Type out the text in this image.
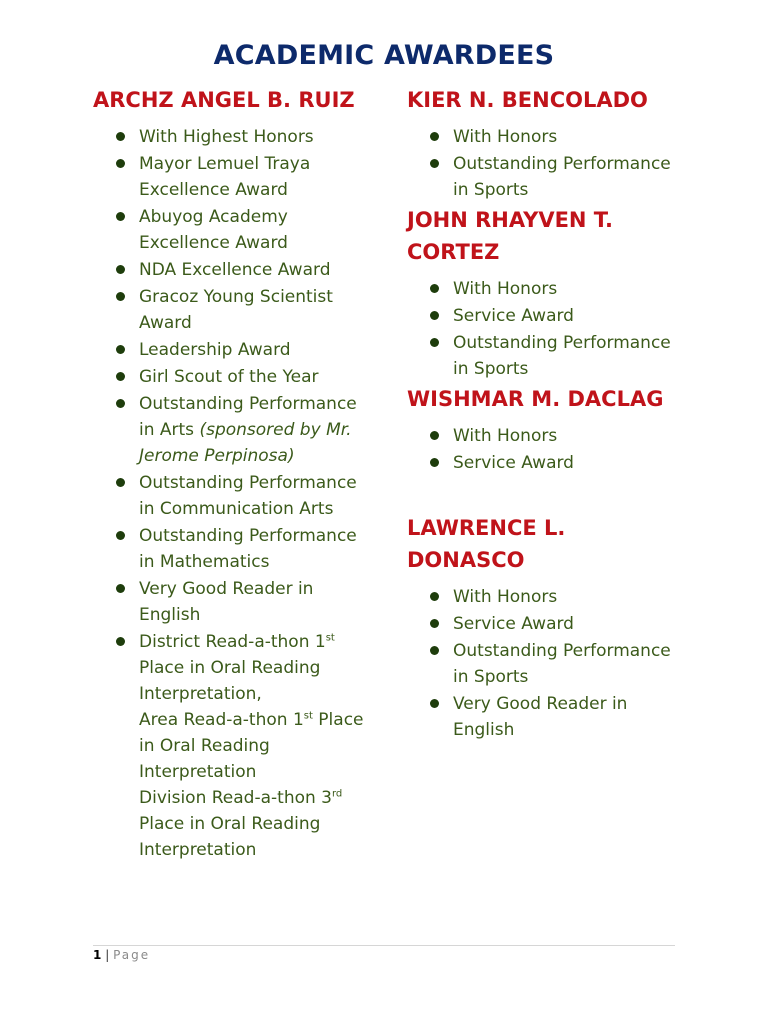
ACADEMIC AWARDEES
ARCHZ ANGEL B. RUIZ
With Highest Honors
Mayor Lemuel Traya Excellence Award
Abuyog Academy Excellence Award
NDA Excellence Award
Gracoz Young Scientist Award
Leadership Award
Girl Scout of the Year
Outstanding Performance in Arts (sponsored by Mr. Jerome Perpinosa)
Outstanding Performance in Communication Arts
Outstanding Performance in Mathematics
Very Good Reader in English
District Read-a-thon 1st Place in Oral Reading Interpretation,
Area Read-a-thon 1st Place in Oral Reading Interpretation
Division Read-a-thon 3rd Place in Oral Reading Interpretation
KIER N. BENCOLADO
With Honors
Outstanding Performance in Sports
JOHN RHAYVEN T. CORTEZ
With Honors
Service Award
Outstanding Performance in Sports
WISHMAR M. DACLAG
With Honors
Service Award
LAWRENCE L. DONASCO
With Honors
Service Award
Outstanding Performance in Sports
Very Good Reader in English
1 | Page
